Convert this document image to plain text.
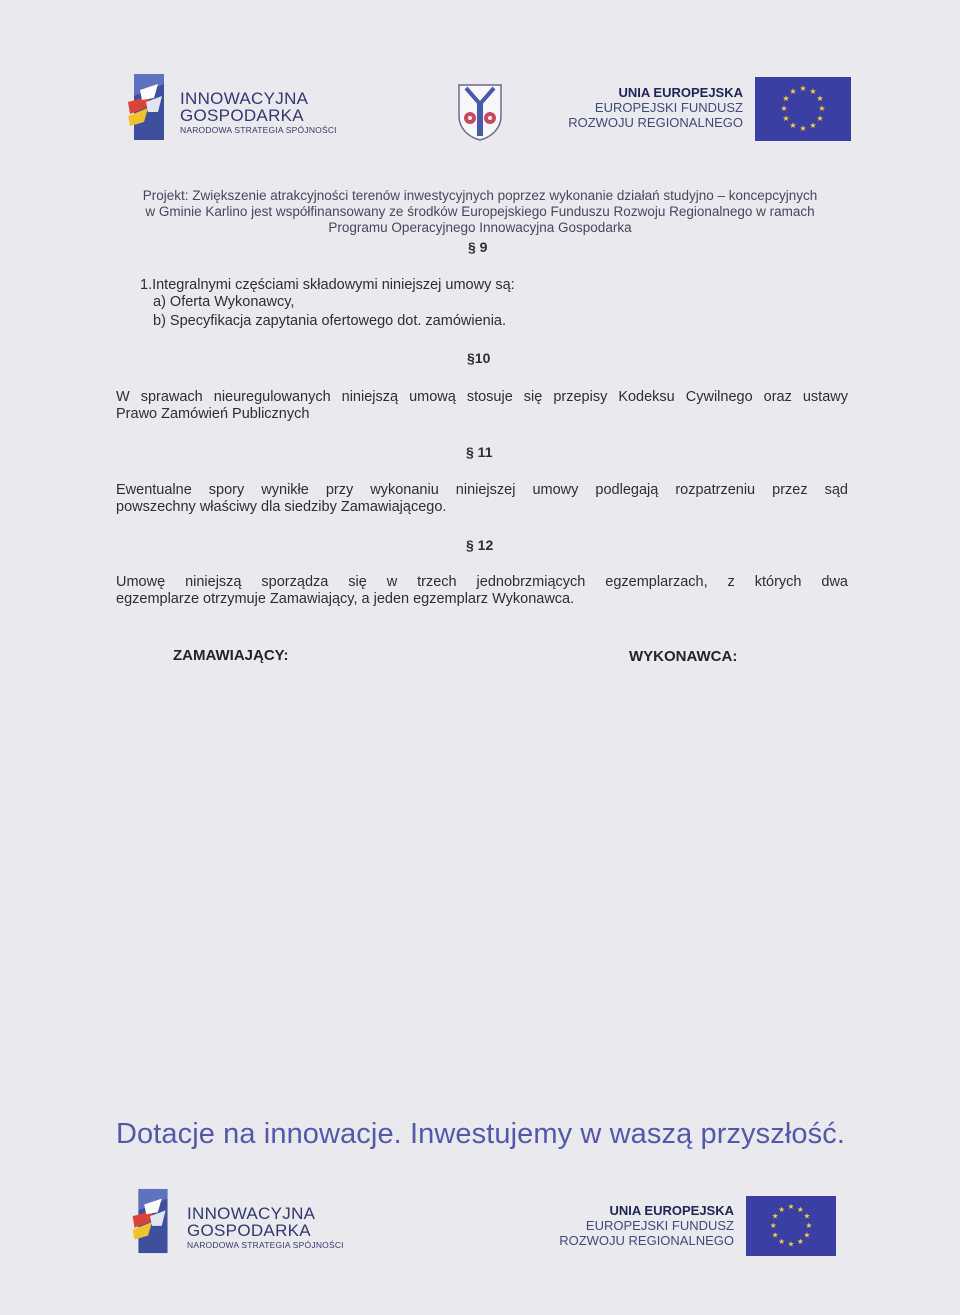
INNOWACYJNA
GOSPODARKA
NARODOWA STRATEGIA SPÓJNOŚCI
UNIA EUROPEJSKA
EUROPEJSKI FUNDUSZ
ROZWOJU REGIONALNEGO
★ ★
★
★
★
★
★
★
★
★
★
★
Projekt: Zwiększenie atrakcyjności terenów inwestycyjnych poprzez wykonanie działań studyjno – koncepcyjnych
w Gminie Karlino jest współfinansowany ze środków Europejskiego Funduszu Rozwoju Regionalnego w ramach
Programu Operacyjnego Innowacyjna Gospodarka
§ 9
1.Integralnymi częściami składowymi niniejszej umowy są:
a) Oferta Wykonawcy,
b) Specyfikacja zapytania ofertowego dot. zamówienia.
§10
W sprawach nieuregulowanych niniejszą umową stosuje się przepisy Kodeksu Cywilnego oraz ustawy
Prawo Zamówień Publicznych
§ 11
Ewentualne spory wynikłe przy wykonaniu niniejszej umowy podlegają rozpatrzeniu przez sąd
powszechny właściwy dla siedziby Zamawiającego.
§ 12
Umowę niniejszą sporządza się w trzech jednobrzmiących egzemplarzach, z których dwa
egzemplarze otrzymuje Zamawiający, a jeden egzemplarz Wykonawca.
ZAMAWIAJĄCY:	WYKONAWCA:
Dotacje na innowacje. Inwestujemy w waszą przyszłość.
INNOWACYJNA
GOSPODARKA
NARODOWA STRATEGIA SPÓJNOŚCI
UNIA EUROPEJSKA
EUROPEJSKI FUNDUSZ
ROZWOJU REGIONALNEGO
★ ★
★
★
★
★
★
★
★
★
★
★
